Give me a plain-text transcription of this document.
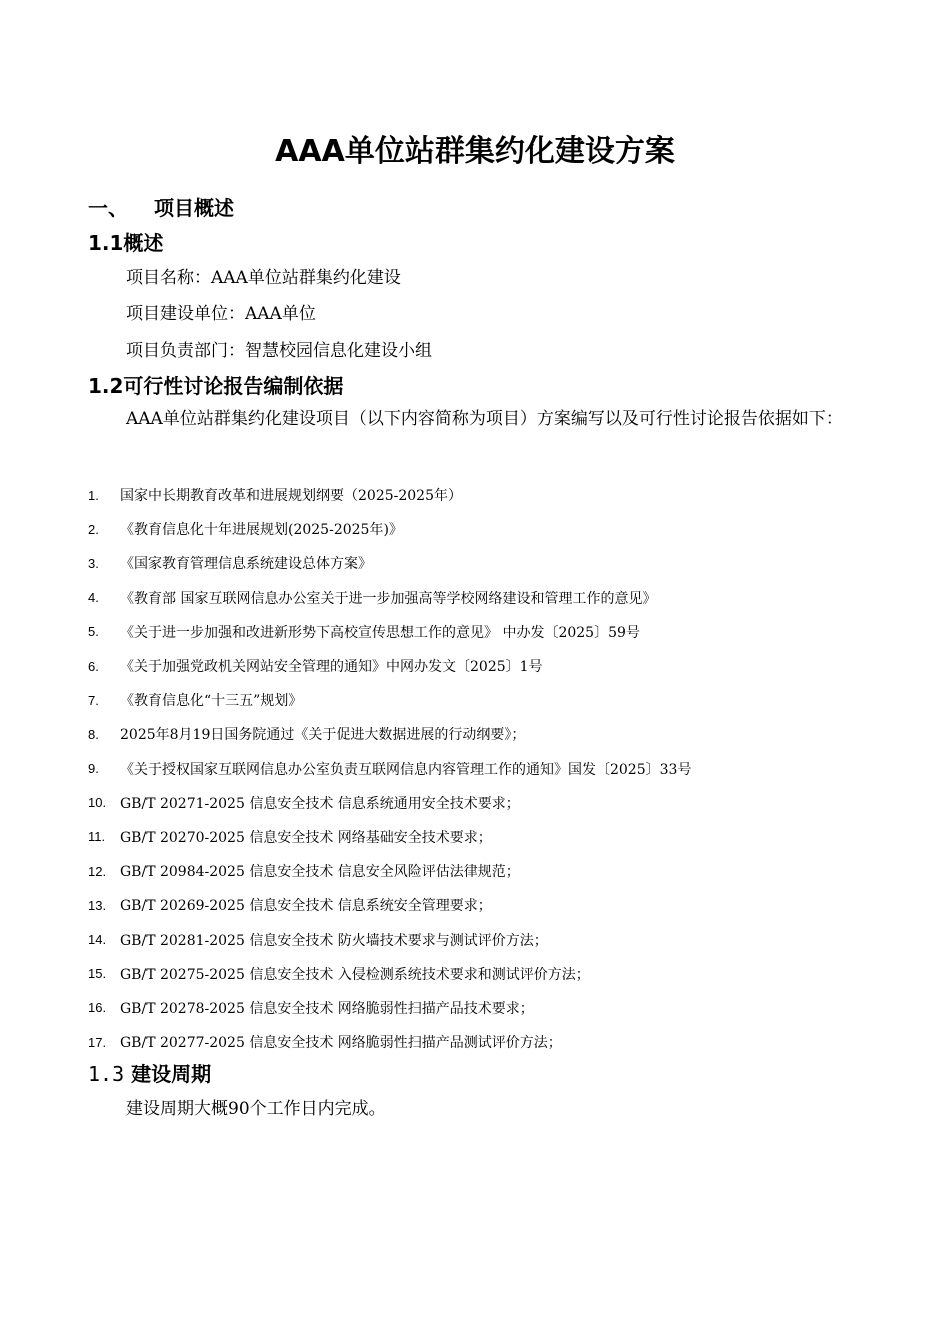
AAA单位站群集约化建设方案
一、 项目概述
1.1概述

项目名称：AAA单位站群集约化建设

项目建设单位：AAA单位

项目负责部门：智慧校园信息化建设小组

1.2可行性讨论报告编制依据

AAA单位站群集约化建设项目（以下内容简称为项目）方案编写以及可行性讨论报告依据如下：

1.	国家中长期教育改革和进展规划纲要（2025-2025年）
2.	《教育信息化十年进展规划(2025-2025年)》
3.	《国家教育管理信息系统建设总体方案》
4.	《教育部 国家互联网信息办公室关于进一步加强高等学校网络建设和管理工作的意见》
5.	《关于进一步加强和改进新形势下高校宣传思想工作的意见》 中办发〔2025〕59号
6.	《关于加强党政机关网站安全管理的通知》中网办发文〔2025〕1号
7.	《教育信息化“十三五”规划》
8.	2025年8月19日国务院通过《关于促进大数据进展的行动纲要》；
9.	《关于授权国家互联网信息办公室负责互联网信息内容管理工作的通知》国发〔2025〕33号
10. GB/T 20271-2025 信息安全技术 信息系统通用安全技术要求；
11.	GB/T 20270-2025 信息安全技术 网络基础安全技术要求；
12. GB/T 20984-2025 信息安全技术 信息安全风险评估法律规范；
13. GB/T 20269-2025 信息安全技术 信息系统安全管理要求；
14. GB/T 20281-2025 信息安全技术 防火墙技术要求与测试评价方法；
15. GB/T 20275-2025 信息安全技术 入侵检测系统技术要求和测试评价方法；
16. GB/T 20278-2025 信息安全技术 网络脆弱性扫描产品技术要求；
17. GB/T 20277-2025 信息安全技术 网络脆弱性扫描产品测试评价方法；
1.3 建设周期

建设周期大概90个工作日内完成。
